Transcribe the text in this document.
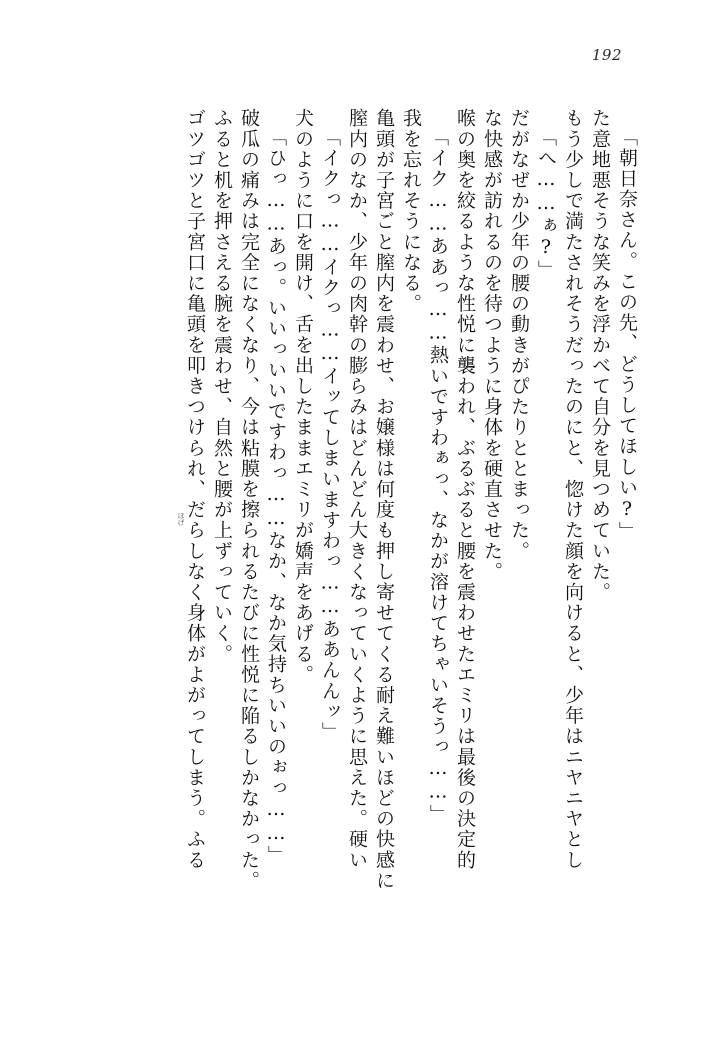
192
ゴツゴツと子宮口に亀頭を叩きつけられ、だらしなく身体がよがってしまう。ふる ふると机を押さえる腕を震わせ、自然と腰が上ずっていく。 破瓜の痛みは完全になくなり、今は粘膜を擦られるたびに性悦に陥るしかなかった。 「ひっ……あっ。いいっいいですわっ……なか、なか気持ちいいのぉっ……」 犬のように口を開け、舌を出したままエミリが嬌声をあげる。 「イクっ……イクっ……イッてしまいますわっ……ああんんッ」 膣内のなか、少年の肉幹の膨らみはどんどん大きくなっていくように思えた。硬い 亀頭が子宮ごと膣内を震わせ、お嬢様は何度も押し寄せてくる耐え難いほどの快感に 我を忘れそうになる。 「イク……ああっ……熱いですわぁっ、なかが溶けてちゃいそうっ……」 喉の奥を絞るような性悦に襲われ、ぶるぶると腰を震わせたエミリは最後の決定的 な快感が訪れるのを待つように身体を硬直させた。 だがなぜか少年の腰の動きがぴたりととまった。 「へ……ぁ?」 もう少しで満たされそうだったのにと、惚けた顔を向けると、少年はニヤニヤとし た意地悪そうな笑みを浮かべて自分を見つめていた。 「朝日奈さん。この先、どうしてほしい?」
ほげ
